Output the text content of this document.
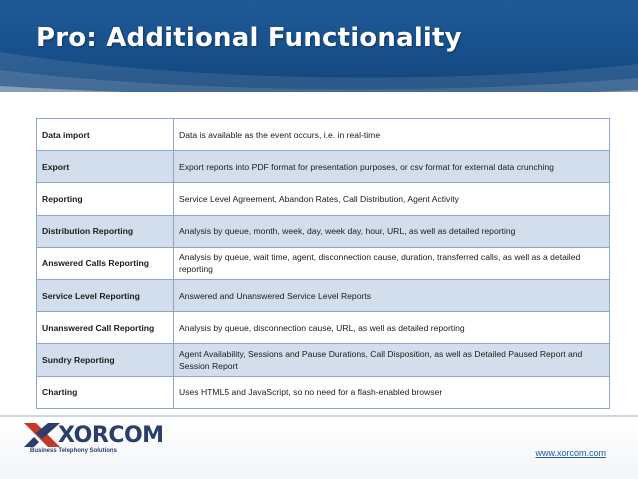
Pro: Additional Functionality
Data import	Data is available as the event occurs, i.e. in real-time
Export	Export reports into PDF format for presentation purposes, or csv format for external data crunching
Reporting	Service Level Agreement, Abandon Rates, Call Distribution, Agent Activity
Distribution Reporting	Analysis by queue, month, week, day, week day, hour, URL, as well as detailed reporting
Answered Calls Reporting	Analysis by queue, wait time, agent, disconnection cause, duration, transferred calls, as well as a detailed reporting
Service Level Reporting	Answered and Unanswered Service Level Reports
Unanswered Call Reporting	Analysis by queue, disconnection cause, URL, as well as detailed reporting
Sundry Reporting	Agent Availability, Sessions and Pause Durations, Call Disposition, as well as Detailed Paused Report and Session Report
Charting	Uses HTML5 and JavaScript, so no need for a flash-enabled browser
XORCOM
Business Telephony Solutions	www.xorcom.com
